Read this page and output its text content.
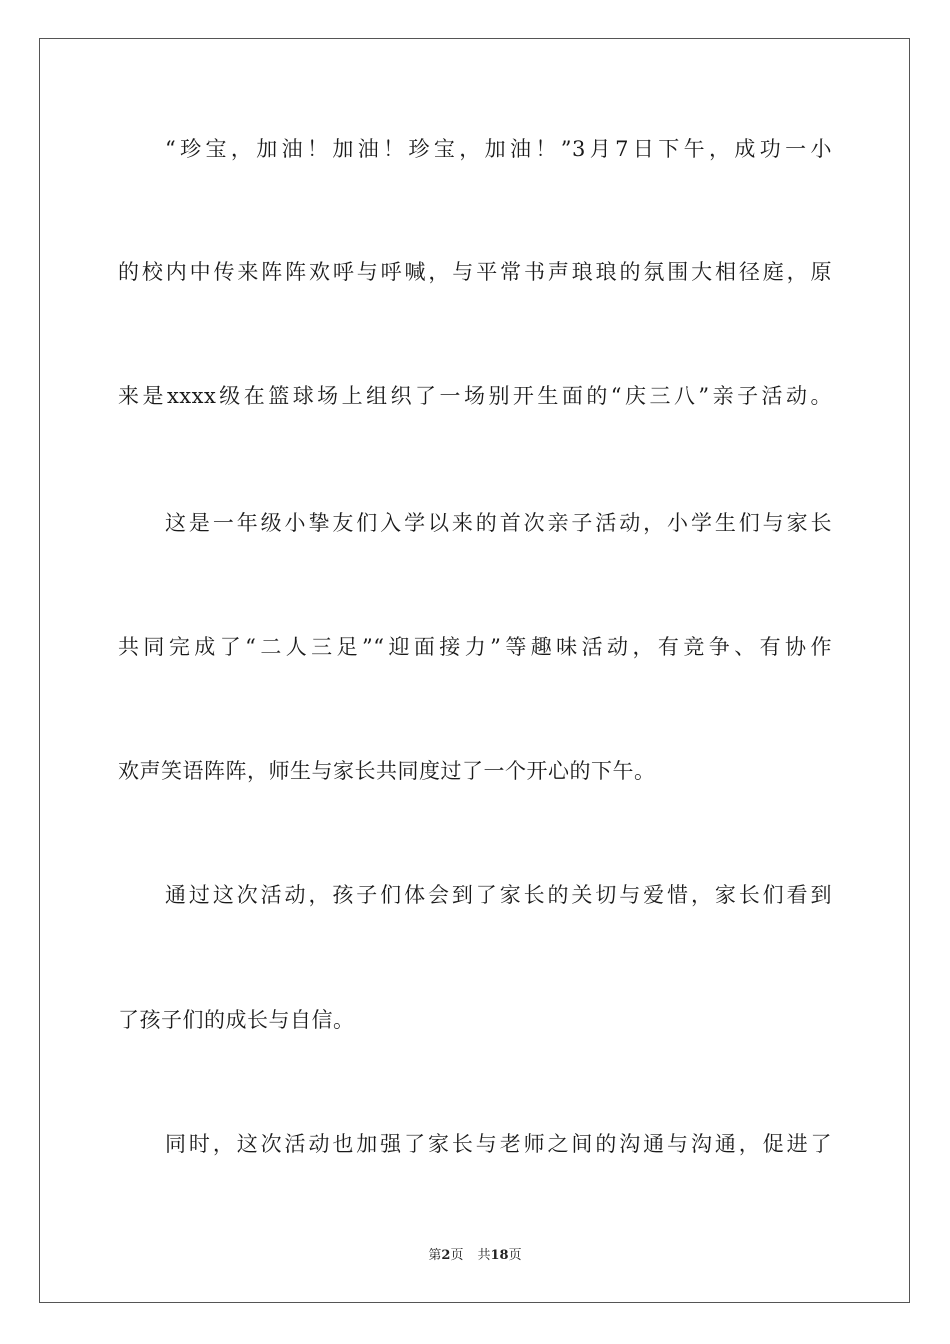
“珍宝，加油！加油！珍宝，加油！”3月7日下午，成功一小
的校内中传来阵阵欢呼与呼喊，与平常书声琅琅的氛围大相径庭，原
来是xxxx级在篮球场上组织了一场别开生面的“庆三八”亲子活动。
这是一年级小挚友们入学以来的首次亲子活动，小学生们与家长
共同完成了“二人三足”“迎面接力”等趣味活动，有竞争、有协作
欢声笑语阵阵，师生与家长共同度过了一个开心的下午。
通过这次活动，孩子们体会到了家长的关切与爱惜，家长们看到
了孩子们的成长与自信。
同时，这次活动也加强了家长与老师之间的沟通与沟通，促进了
第2页 共18页
